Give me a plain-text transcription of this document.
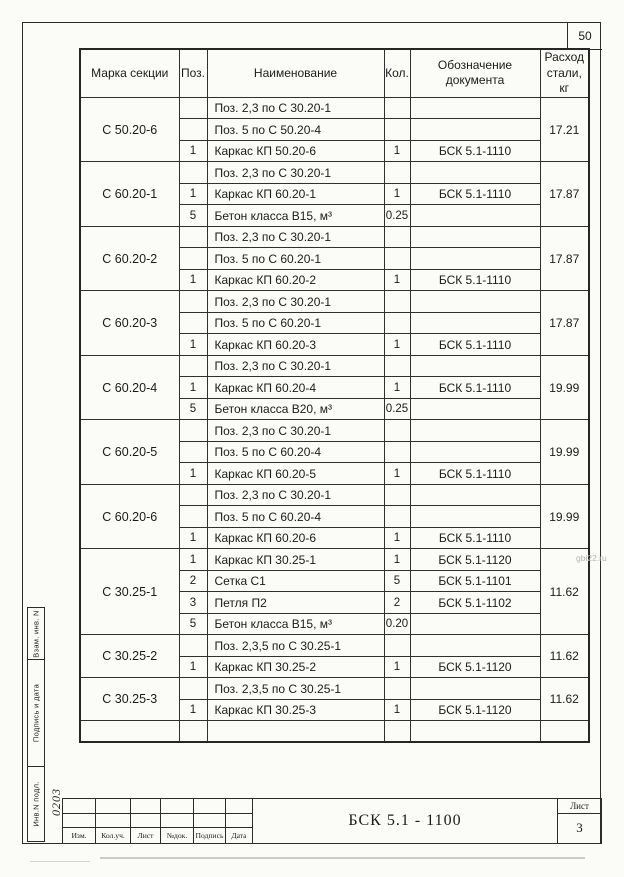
50
Марка секции	Поз.	Наименование	Кол.	Обозначение документа	Расход стали, кг
С 50.20-6		Поз. 2,3 по С 30.20-1			17.21
		Поз. 5 по С 50.20-4			
	1	Каркас КП 50.20-6	1	БСК 5.1-1110	
С 60.20-1		Поз. 2,3 по С 30.20-1			17.87
	1	Каркас КП 60.20-1	1	БСК 5.1-1110	
	5	Бетон класса В15, м³	0.25		
С 60.20-2		Поз. 2,3 по С 30.20-1			17.87
		Поз. 5 по С 60.20-1			
	1	Каркас КП 60.20-2	1	БСК 5.1-1110	
С 60.20-3		Поз. 2,3 по С 30.20-1			17.87
		Поз. 5 по С 60.20-1			
	1	Каркас КП 60.20-3	1	БСК 5.1-1110	
С 60.20-4		Поз. 2,3 по С 30.20-1			19.99
	1	Каркас КП 60.20-4	1	БСК 5.1-1110	
	5	Бетон класса В20, м³	0.25		
С 60.20-5		Поз. 2,3 по С 30.20-1			19.99
		Поз. 5 по С 60.20-4			
	1	Каркас КП 60.20-5	1	БСК 5.1-1110	
С 60.20-6		Поз. 2,3 по С 30.20-1			19.99
		Поз. 5 по С 60.20-4			
	1	Каркас КП 60.20-6	1	БСК 5.1-1110	
С 30.25-1	1	Каркас КП 30.25-1	1	БСК 5.1-1120	11.62
	2	Сетка С1	5	БСК 5.1-1101	
	3	Петля П2	2	БСК 5.1-1102	
	5	Бетон класса В15, м³	0.20		
С 30.25-2		Поз. 2,3,5 по С 30.25-1			11.62
	1	Каркас КП 30.25-2	1	БСК 5.1-1120	
С 30.25-3		Поз. 2,3,5 по С 30.25-1			11.62
	1	Каркас КП 30.25-3	1	БСК 5.1-1120	

gbi22.ru
Взам. инв. N
Подпись и дата
Инв.N подл. 0203
Изм.	Кол.уч.	Лист	№док.	Подпись	Дата
БСК 5.1 - 1100
Лист
3
